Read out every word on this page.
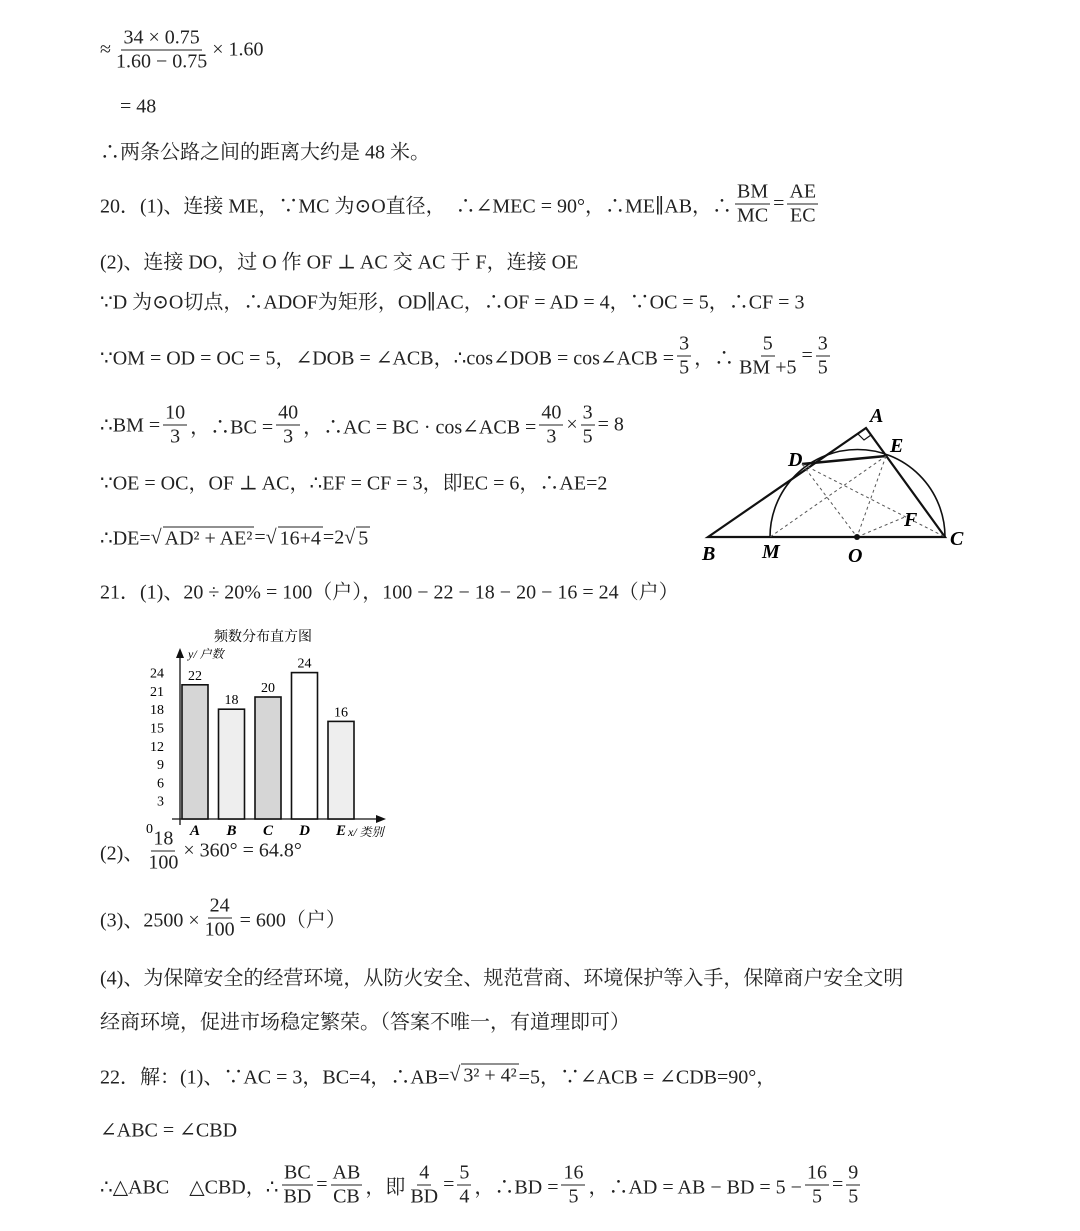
≈ $\frac{34 \times 0.75}{1.60 - 0.75} \times 1.60$
　= 48
∴两条公路之间的距离大约是 48 米。
20．(1)、连接 ME，∵MC 为⊙O直径，　∴∠MEC = 90°，∴ME∥AB，∴ $\frac{BM}{MC} = \frac{AE}{EC}$
(2)、连接 DO，过 O 作 OF ⊥ AC 交 AC 于 F，连接 OE
∵D 为⊙O切点，∴ADOF为矩形，OD∥AC，∴OF = AD = 4，∵OC = 5，∴CF = 3
∵OM = OD = OC = 5，∠DOB = ∠ACB，∴cos∠DOB = cos∠ACB = $\frac{3}{5}$ ，∴ $\frac{5}{BM +5} = \frac{3}{5}$
∴BM = $\frac{10}{3}$ ，∴BC = $\frac{40}{3}$ ，∴AC = BC · cos∠ACB = $\frac{40}{3} \times \frac{3}{5} = 8$
∵OE = OC，OF ⊥ AC，∴EF = CF = 3，即EC = 6，∴AE=2
∴DE= √ AD² + AE² = √ 16+4 =2 √ 5
21．(1)、20 ÷ 20% = 100（户），100 − 22 − 18 − 20 − 16 = 24（户）
(2)、 $\frac{18}{100} \times 360^\circ = 64.8^\circ$
(3)、$2500 \times \frac{24}{100} = 600$（户）
(4)、为保障安全的经营环境，从防火安全、规范营商、环境保护等入手，保障商户安全文明
经商环境，促进市场稳定繁荣。（答案不唯一，有道理即可）
22．解：(1)、∵AC = 3，BC=4，∴AB= √ 3² + 4² =5，∵∠ACB = ∠CDB=90°，
∠ABC = ∠CBD
∴△ABC　△CBD，∴ $\frac{BC}{BD} = \frac{AB}{CB}$ ，即 $\frac{4}{BD} = \frac{5}{4}$ ，∴BD = $\frac{16}{5}$ ，∴AD = AB − BD = $5 - \frac{16}{5} = \frac{9}{5}$
A
B
C
D
E
F
M	O
频数分布直方图
y/ 户数
x/ 类别
0
3
6
9
12
15
18
21
24 22
A
18
B
20
C
24
D
16
E
